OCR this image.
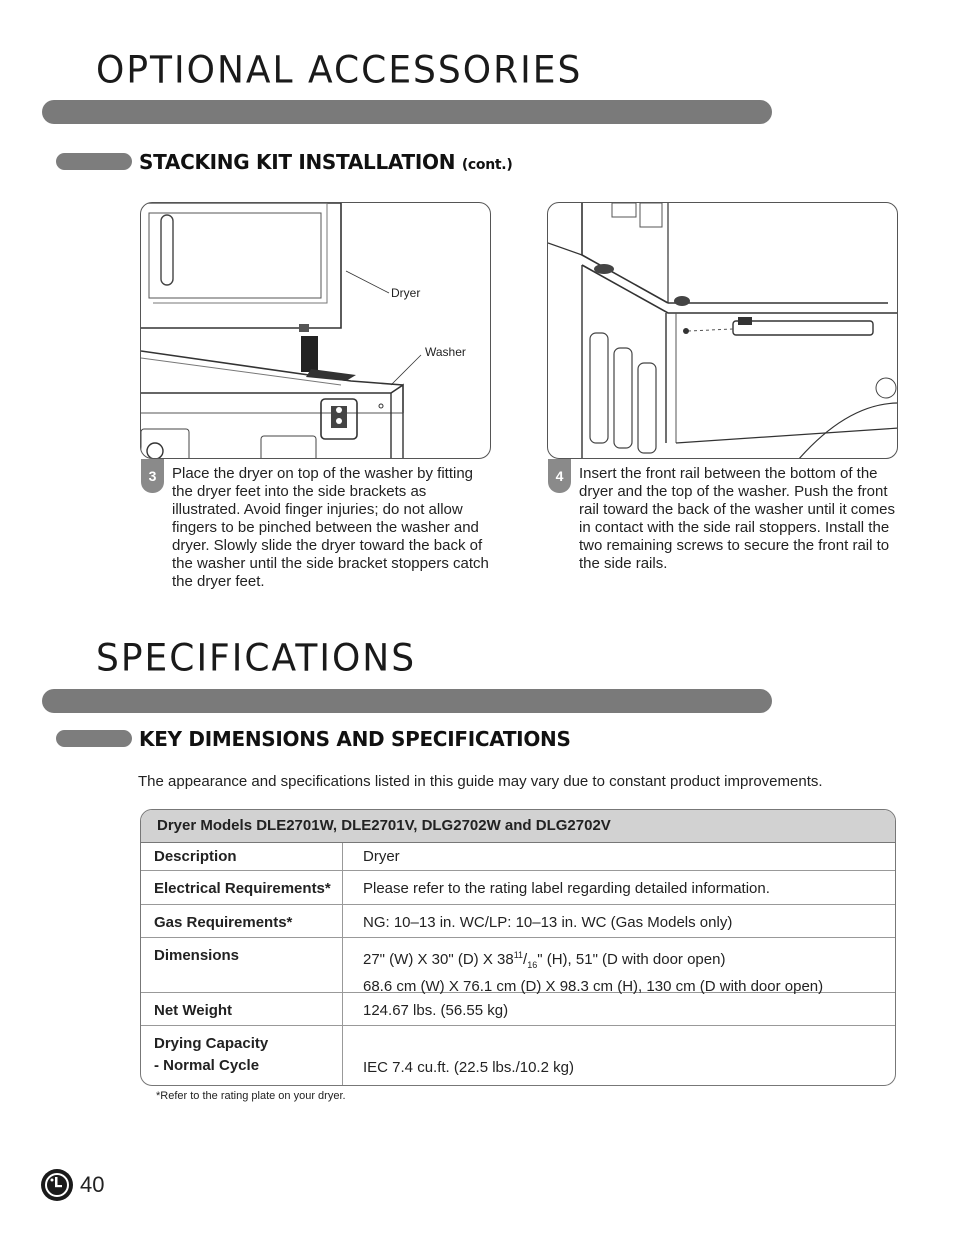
OPTIONAL ACCESSORIES
STACKING KIT INSTALLATION (cont.)
Dryer
Washer
3	Place the dryer on top of the washer by fitting the dryer feet into the side brackets as illustrated. Avoid finger injuries; do not allow fingers to be pinched between the washer and dryer. Slowly slide the dryer toward the back of the washer until the side bracket stoppers catch the dryer feet.
4	Insert the front rail between the bottom of the dryer and the top of the washer. Push the front rail toward the back of the washer until it comes in contact with the side rail stoppers. Install the two remaining screws to secure the front rail to the side rails.
SPECIFICATIONS
KEY DIMENSIONS AND SPECIFICATIONS

The appearance and specifications listed in this guide may vary due to constant product improvements.

Dryer Models DLE2701W, DLE2701V, DLG2702W and DLG2702V
Description	Dryer
Electrical Requirements* Please refer to the rating label regarding detailed information.
Gas Requirements*	NG: 10–13 in. WC/LP: 10–13 in. WC (Gas Models only)
Dimensions	27" (W) X 30" (D) X $38^{11}/_{16}$" (H), 51" (D with door open)
68.6 cm (W) X 76.1 cm (D) X 98.3 cm (H), 130 cm (D with door open)
Net Weight	124.67 lbs. (56.55 kg)
Drying Capacity
- Normal Cycle	IEC 7.4 cu.ft. (22.5 lbs./10.2 kg)

*Refer to the rating plate on your dryer.

40
